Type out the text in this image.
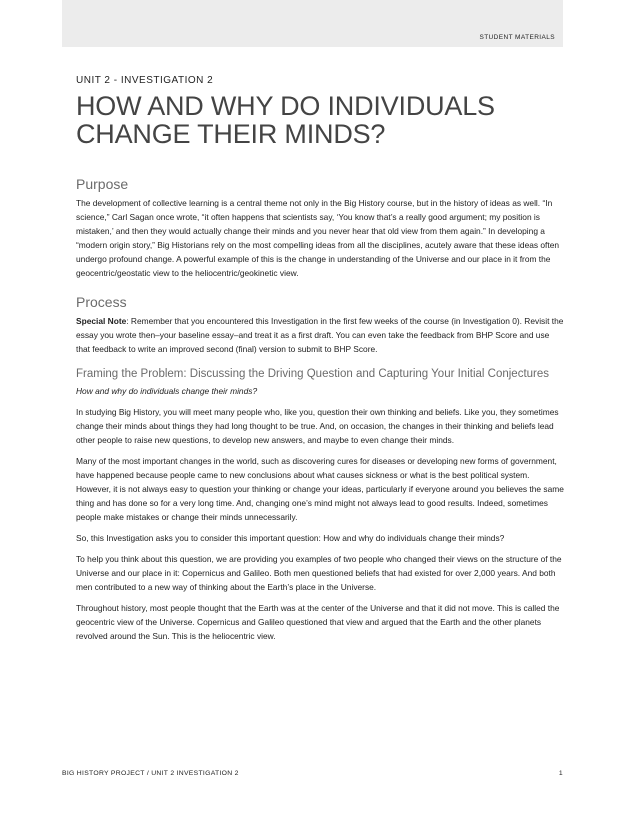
STUDENT MATERIALS
UNIT 2 - INVESTIGATION 2
HOW AND WHY DO INDIVIDUALS
CHANGE THEIR MINDS?
Purpose

The development of collective learning is a central theme not only in the Big History course, but in the history of ideas as well. “In science,” Carl Sagan once wrote, “it often happens that scientists say, ‘You know that’s a really good argument; my position is mistaken,’ and then they would actually change their minds and you never hear that old view from them again.” In developing a “modern origin story,” Big Historians rely on the most compelling ideas from all the disciplines, acutely aware that these ideas often undergo profound change. A powerful example of this is the change in understanding of the Universe and our place in it from the geocentric/geostatic view to the heliocentric/geokinetic view.

Process

Special Note: Remember that you encountered this Investigation in the first few weeks of the course (in Investigation 0). Revisit the essay you wrote then–your baseline essay–and treat it as a first draft. You can even take the feedback from BHP Score and use that feedback to write an improved second (final) version to submit to BHP Score.

Framing the Problem: Discussing the Driving Question and Capturing Your Initial Conjectures

How and why do individuals change their minds?

In studying Big History, you will meet many people who, like you, question their own thinking and beliefs. Like you, they sometimes change their minds about things they had long thought to be true. And, on occasion, the changes in their thinking and beliefs lead other people to raise new questions, to develop new answers, and maybe to even change their minds.

Many of the most important changes in the world, such as discovering cures for diseases or developing new forms of government, have happened because people came to new conclusions about what causes sickness or what is the best political system. However, it is not always easy to question your thinking or change your ideas, particularly if everyone around you believes the same thing and has done so for a very long time. And, changing one’s mind might not always lead to good results. Indeed, sometimes people make mistakes or change their minds unnecessarily.

So, this Investigation asks you to consider this important question: How and why do individuals change their minds?

To help you think about this question, we are providing you examples of two people who changed their views on the structure of the Universe and our place in it: Copernicus and Galileo. Both men questioned beliefs that had existed for over 2,000 years. And both men contributed to a new way of thinking about the Earth’s place in the Universe.

Throughout history, most people thought that the Earth was at the center of the Universe and that it did not move. This is called the geocentric view of the Universe. Copernicus and Galileo questioned that view and argued that the Earth and the other planets revolved around the Sun. This is the heliocentric view.

BIG HISTORY PROJECT / UNIT 2 INVESTIGATION 2	1
